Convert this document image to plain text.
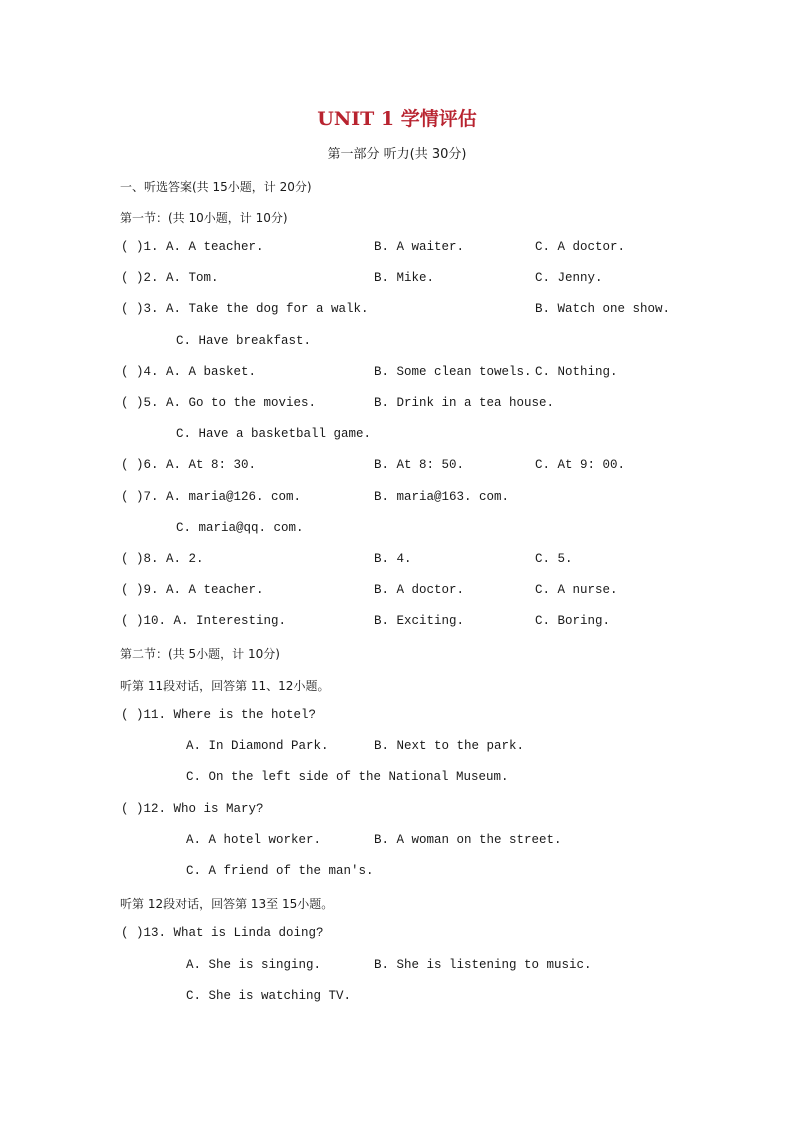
UNIT 1 学情评估
第一部分 听力(共 30分)
一、听选答案(共 15小题，计 20分)
第一节：(共 10小题，计 10分)
( )1. A. A teacher.	B. A waiter.	C. A doctor.
( )2. A. Tom.	B. Mike.	C. Jenny.
( )3. A. Take the dog for a walk.	B. Watch one show.
C. Have breakfast.
( )4. A. A basket.	B. Some clean towels. C. Nothing.
( )5. A. Go to the movies.	B. Drink in a tea house.
C. Have a basketball game.
( )6. A. At 8: 30.	B. At 8: 50.	C. At 9: 00.
( )7. A. maria@126. com.	B. maria@163. com.
C. maria@qq. com.
( )8. A. 2.	B. 4.	C. 5.
( )9. A. A teacher.	B. A doctor.	C. A nurse.
( )10. A. Interesting.	B. Exciting.	C. Boring.
第二节：(共 5小题，计 10分)
听第 11段对话，回答第 11、12小题。
( )11. Where is the hotel?
A. In Diamond Park.	B. Next to the park.
C. On the left side of the National Museum.
( )12. Who is Mary?
A. A hotel worker.	B. A woman on the street.
C. A friend of the man's.
听第 12段对话，回答第 13至 15小题。
( )13. What is Linda doing?
A. She is singing.	B. She is listening to music.
C. She is watching TV.
